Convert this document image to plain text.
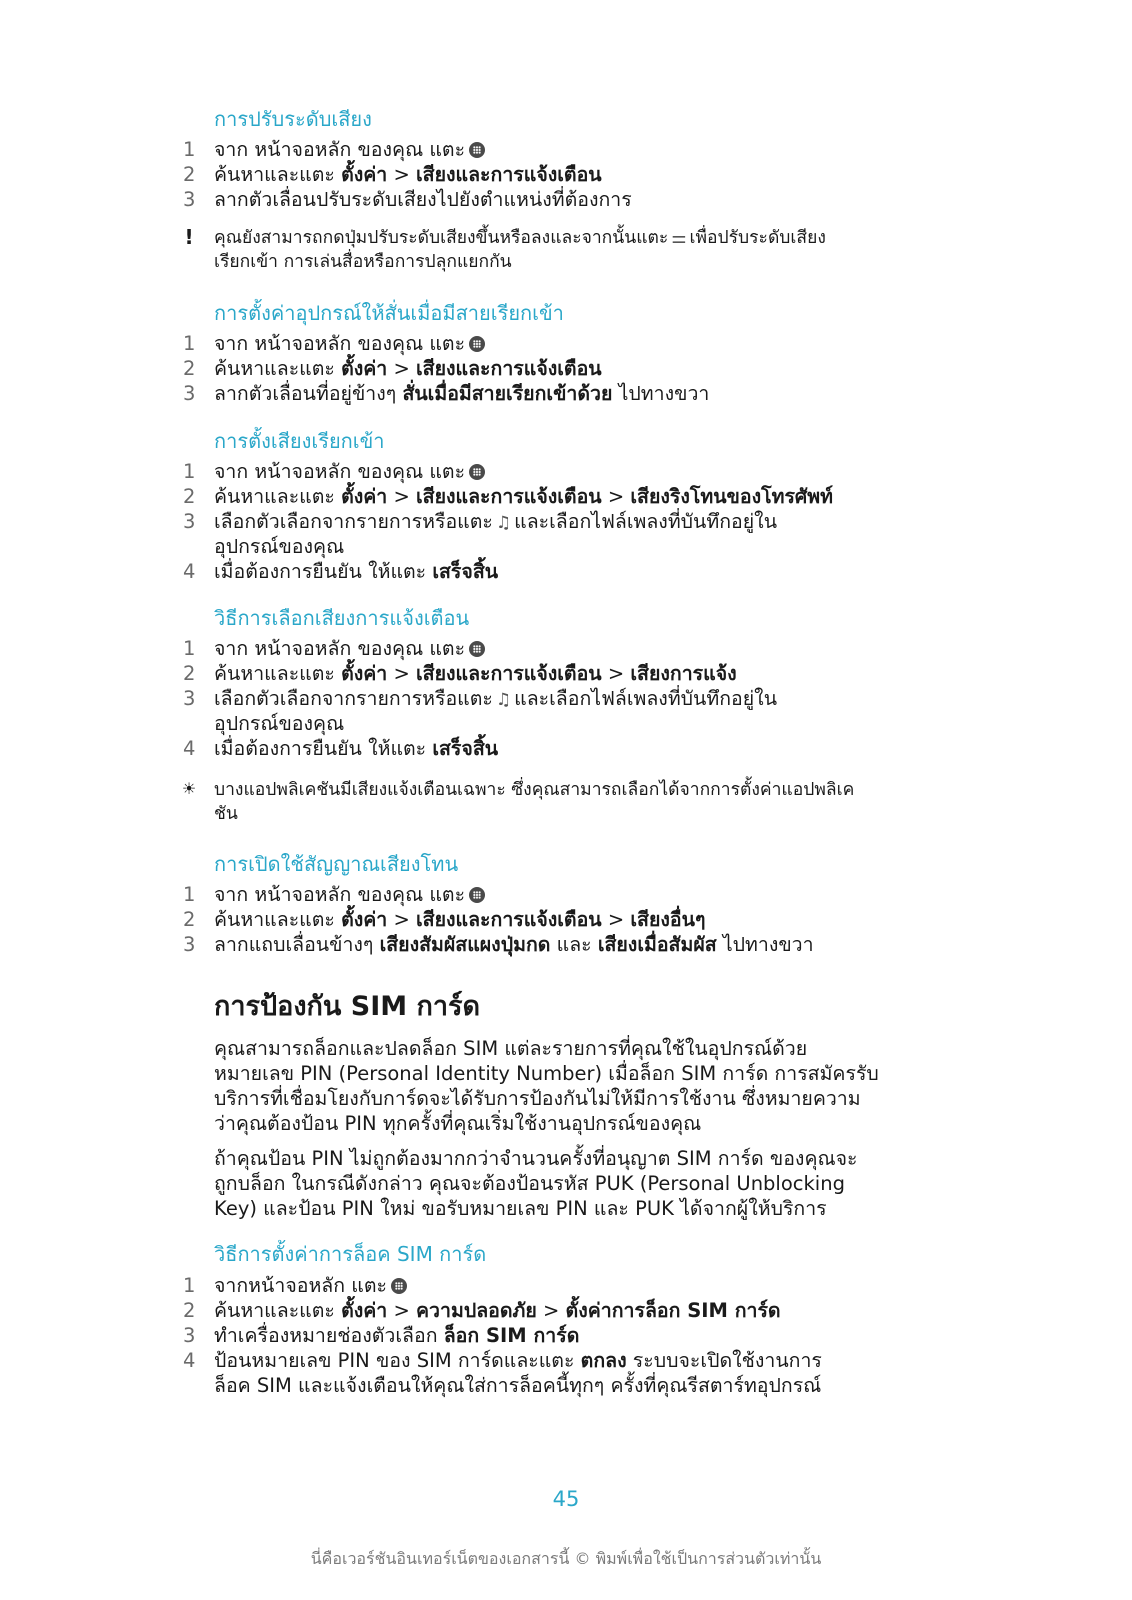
การปรับระดับเสียง
1 จาก หน้าจอหลัก ของคุณ แตะ
2 ค้นหาและแตะ ตั้งค่า > เสียงและการแจ้งเตือน
3 ลากตัวเลื่อนปรับระดับเสียงไปยังตำแหน่งที่ต้องการ
!	คุณยังสามารถกดปุ่มปรับระดับเสียงขึ้นหรือลงและจากนั้นแตะ ⚌ เพื่อปรับระดับเสียง
เรียกเข้า การเล่นสื่อหรือการปลุกแยกกัน
การตั้งค่าอุปกรณ์ให้สั่นเมื่อมีสายเรียกเข้า
1 จาก หน้าจอหลัก ของคุณ แตะ
2 ค้นหาและแตะ ตั้งค่า > เสียงและการแจ้งเตือน
3 ลากตัวเลื่อนที่อยู่ข้างๆ สั่นเมื่อมีสายเรียกเข้าด้วย ไปทางขวา
การตั้งเสียงเรียกเข้า
1 จาก หน้าจอหลัก ของคุณ แตะ
2 ค้นหาและแตะ ตั้งค่า > เสียงและการแจ้งเตือน > เสียงริงโทนของโทรศัพท์
3 เลือกตัวเลือกจากรายการหรือแตะ ♫ และเลือกไฟล์เพลงที่บันทึกอยู่ใน
อุปกรณ์ของคุณ
4 เมื่อต้องการยืนยัน ให้แตะ เสร็จสิ้น
วิธีการเลือกเสียงการแจ้งเตือน
1 จาก หน้าจอหลัก ของคุณ แตะ
2 ค้นหาและแตะ ตั้งค่า > เสียงและการแจ้งเตือน > เสียงการแจ้ง
3 เลือกตัวเลือกจากรายการหรือแตะ ♫ และเลือกไฟล์เพลงที่บันทึกอยู่ใน
อุปกรณ์ของคุณ
4 เมื่อต้องการยืนยัน ให้แตะ เสร็จสิ้น
☀ บางแอปพลิเคชันมีเสียงแจ้งเตือนเฉพาะ ซึ่งคุณสามารถเลือกได้จากการตั้งค่าแอปพลิเค
ชัน
การเปิดใช้สัญญาณเสียงโทน
1 จาก หน้าจอหลัก ของคุณ แตะ
2 ค้นหาและแตะ ตั้งค่า > เสียงและการแจ้งเตือน > เสียงอื่นๆ
3 ลากแถบเลื่อนข้างๆ เสียงสัมผัสแผงปุ่มกด และ เสียงเมื่อสัมผัส ไปทางขวา
การป้องกัน SIM การ์ด
คุณสามารถล็อกและปลดล็อก SIM แต่ละรายการที่คุณใช้ในอุปกรณ์ด้วย
หมายเลข PIN (Personal Identity Number) เมื่อล็อก SIM การ์ด การสมัครรับ
บริการที่เชื่อมโยงกับการ์ดจะได้รับการป้องกันไม่ให้มีการใช้งาน ซึ่งหมายความ
ว่าคุณต้องป้อน PIN ทุกครั้งที่คุณเริ่มใช้งานอุปกรณ์ของคุณ
ถ้าคุณป้อน PIN ไม่ถูกต้องมากกว่าจำนวนครั้งที่อนุญาต SIM การ์ด ของคุณจะ
ถูกบล็อก ในกรณีดังกล่าว คุณจะต้องป้อนรหัส PUK (Personal Unblocking
Key) และป้อน PIN ใหม่ ขอรับหมายเลข PIN และ PUK ได้จากผู้ให้บริการ
วิธีการตั้งค่าการล็อค SIM การ์ด
1 จากหน้าจอหลัก แตะ
2 ค้นหาและแตะ ตั้งค่า > ความปลอดภัย > ตั้งค่าการล็อก SIM การ์ด
3 ทำเครื่องหมายช่องตัวเลือก ล็อก SIM การ์ด
4 ป้อนหมายเลข PIN ของ SIM การ์ดและแตะ ตกลง ระบบจะเปิดใช้งานการ
ล็อค SIM และแจ้งเตือนให้คุณใส่การล็อคนี้ทุกๆ ครั้งที่คุณรีสตาร์ทอุปกรณ์
45
นี่คือเวอร์ชันอินเทอร์เน็ตของเอกสารนี้ © พิมพ์เพื่อใช้เป็นการส่วนตัวเท่านั้น
